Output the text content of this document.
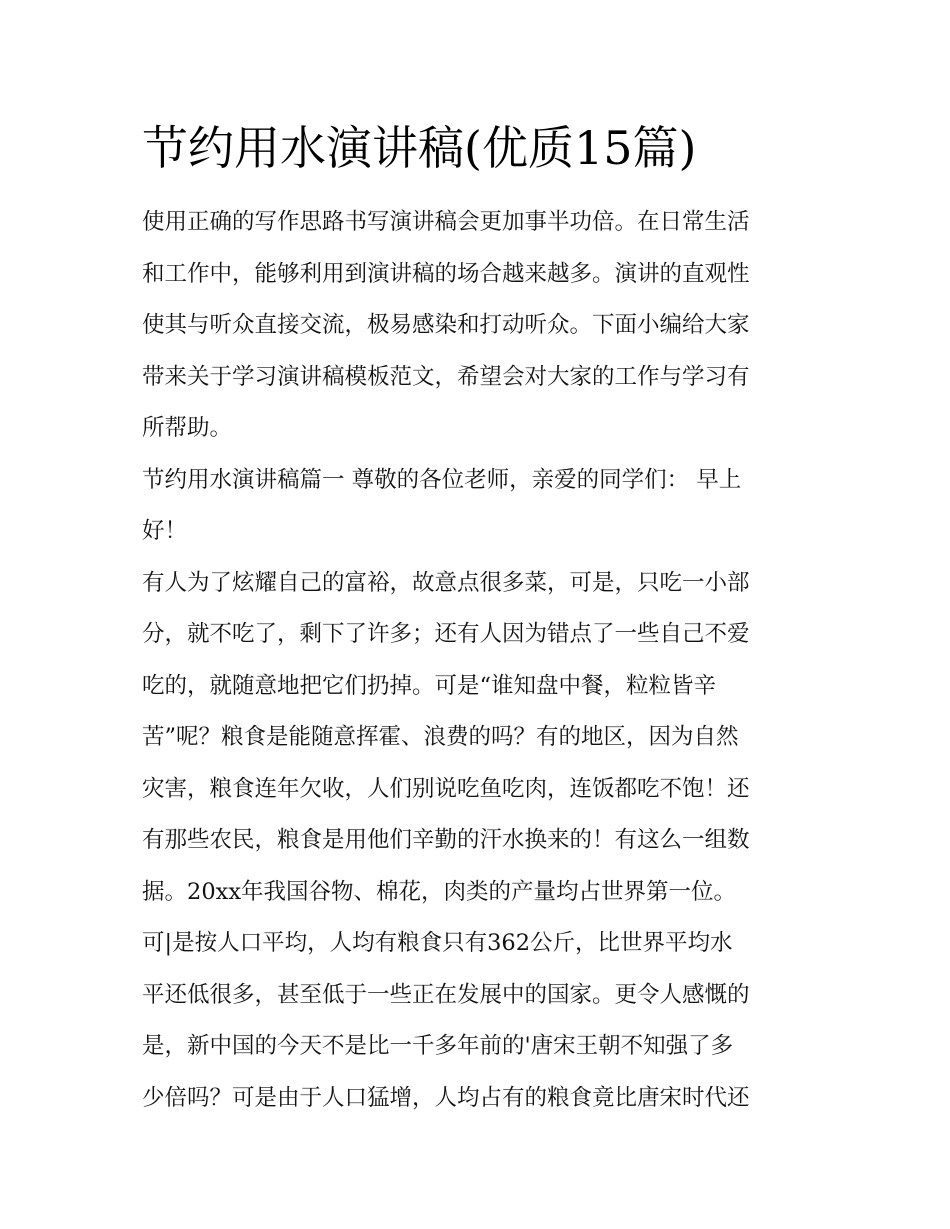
节约用水演讲稿(优质15篇)
使用正确的写作思路书写演讲稿会更加事半功倍。在日常生活
和工作中，能够利用到演讲稿的场合越来越多。演讲的直观性
使其与听众直接交流，极易感染和打动听众。下面小编给大家
带来关于学习演讲稿模板范文，希望会对大家的工作与学习有
所帮助。
节约用水演讲稿篇一 尊敬的各位老师，亲爱的同学们： 早上
好！
有人为了炫耀自己的富裕，故意点很多菜，可是，只吃一小部
分，就不吃了，剩下了许多；还有人因为错点了一些自己不爱
吃的，就随意地把它们扔掉。可是“谁知盘中餐，粒粒皆辛
苦”呢？粮食是能随意挥霍、浪费的吗？有的地区，因为自然
灾害，粮食连年欠收，人们别说吃鱼吃肉，连饭都吃不饱！还
有那些农民，粮食是用他们辛勤的汗水换来的！有这么一组数
据。20xx年我国谷物、棉花，肉类的产量均占世界第一位。
可|是按人口平均，人均有粮食只有362公斤，比世界平均水
平还低很多，甚至低于一些正在发展中的国家。更令人感慨的
是，新中国的今天不是比一千多年前的'唐宋王朝不知强了多
少倍吗？可是由于人口猛增，人均占有的粮食竟比唐宋时代还
